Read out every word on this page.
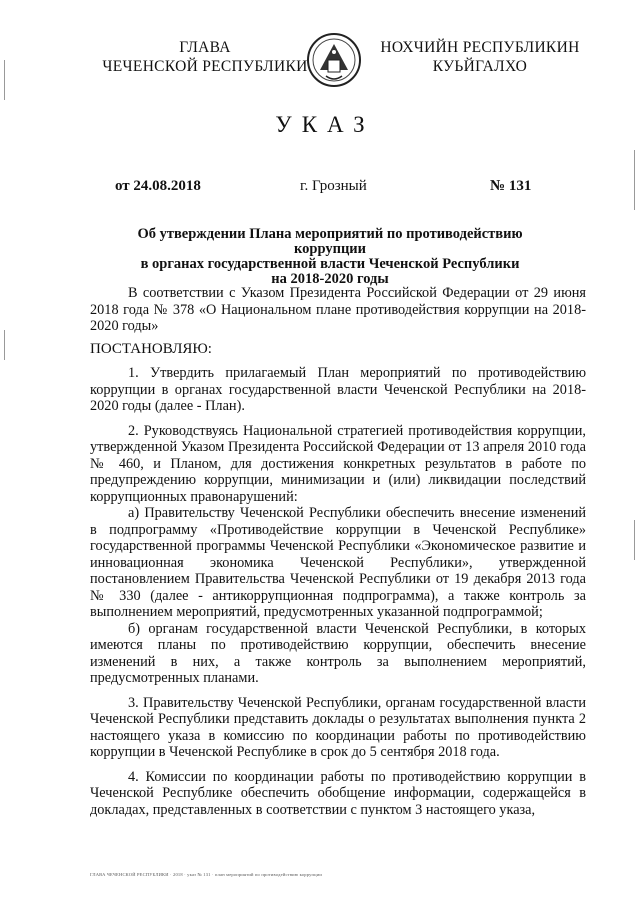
ГЛАВА
ЧЕЧЕНСКОЙ РЕСПУБЛИКИ
НОХЧИЙН РЕСПУБЛИКИН
КУЬЙГАЛХО
УКАЗ
от 24.08.2018	г. Грозный	№ 131
Об утверждении Плана мероприятий по противодействию коррупции
в органах государственной власти Чеченской Республики
на 2018-2020 годы

В соответствии с Указом Президента Российской Федерации от 29 июня 2018 года № 378 «О Национальном плане противодействия коррупции на 2018-2020 годы»

ПОСТАНОВЛЯЮ:

1. Утвердить прилагаемый План мероприятий по противодействию коррупции в органах государственной власти Чеченской Республики на 2018-2020 годы (далее - План).

2. Руководствуясь Национальной стратегией противодействия коррупции, утвержденной Указом Президента Российской Федерации от 13 апреля 2010 года № 460, и Планом, для достижения конкретных результатов в работе по предупреждению коррупции, минимизации и (или) ликвидации последствий коррупционных правонарушений:

а) Правительству Чеченской Республики обеспечить внесение изменений в подпрограмму «Противодействие коррупции в Чеченской Республике» государственной программы Чеченской Республики «Экономическое развитие и инновационная экономика Чеченской Республики», утвержденной постановлением Правительства Чеченской Республики от 19 декабря 2013 года № 330 (далее - антикоррупционная подпрограмма), а также контроль за выполнением мероприятий, предусмотренных указанной подпрограммой;

б) органам государственной власти Чеченской Республики, в которых имеются планы по противодействию коррупции, обеспечить внесение изменений в них, а также контроль за выполнением мероприятий, предусмотренных планами.

3. Правительству Чеченской Республики, органам государственной власти Чеченской Республики представить доклады о результатах выполнения пункта 2 настоящего указа в комиссию по координации работы по противодействию коррупции в Чеченской Республике в срок до 5 сентября 2018 года.

4. Комиссии по координации работы по противодействию коррупции в Чеченской Республике обеспечить обобщение информации, содержащейся в докладах, представленных в соответствии с пунктом 3 настоящего указа,

ГЛАВА ЧЕЧЕНСКОЙ РЕСПУБЛИКИ · 2018 · указ № 131 · план мероприятий по противодействию коррупции
